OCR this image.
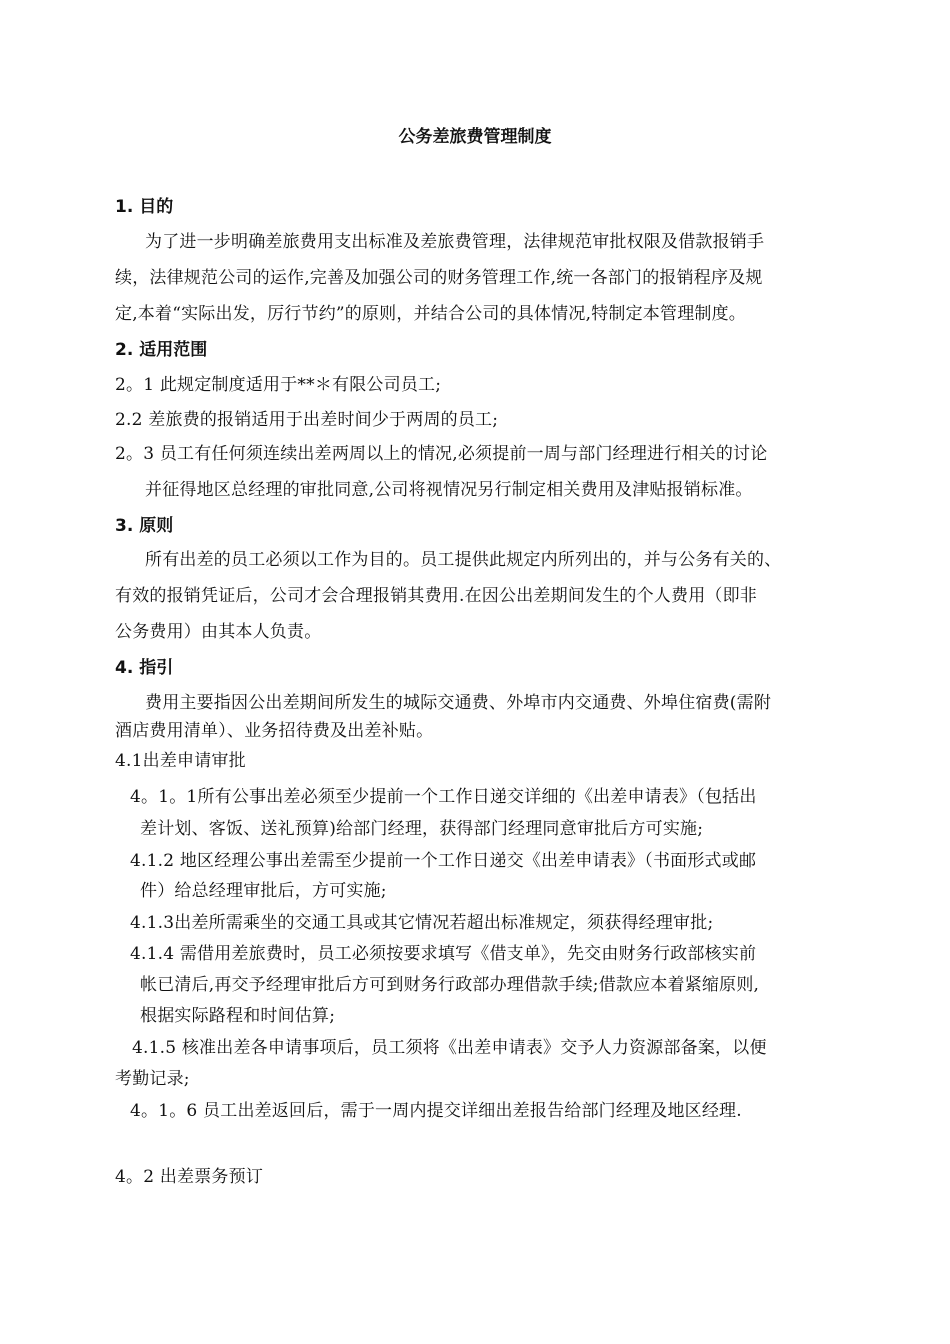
公务差旅费管理制度
1. 目的
为了进一步明确差旅费用支出标准及差旅费管理，法律规范审批权限及借款报销手
续，法律规范公司的运作,完善及加强公司的财务管理工作,统一各部门的报销程序及规
定,本着“实际出发，厉行节约”的原则，并结合公司的具体情况,特制定本管理制度。
2. 适用范围
2。1 此规定制度适用于**＊有限公司员工;
2.2 差旅费的报销适用于出差时间少于两周的员工;
2。3 员工有任何须连续出差两周以上的情况,必须提前一周与部门经理进行相关的讨论
并征得地区总经理的审批同意,公司将视情况另行制定相关费用及津贴报销标准。
3. 原则
所有出差的员工必须以工作为目的。员工提供此规定内所列出的，并与公务有关的、
有效的报销凭证后，公司才会合理报销其费用.在因公出差期间发生的个人费用（即非
公务费用）由其本人负责。
4. 指引
费用主要指因公出差期间所发生的城际交通费、外埠市内交通费、外埠住宿费(需附
酒店费用清单）、业务招待费及出差补贴。
4.1出差申请审批
4。1。1所有公事出差必须至少提前一个工作日递交详细的《出差申请表》（包括出
差计划、客饭、送礼预算)给部门经理，获得部门经理同意审批后方可实施;
4.1.2 地区经理公事出差需至少提前一个工作日递交《出差申请表》（书面形式或邮
件）给总经理审批后，方可实施;
4.1.3出差所需乘坐的交通工具或其它情况若超出标准规定，须获得经理审批;
4.1.4 需借用差旅费时，员工必须按要求填写《借支单》，先交由财务行政部核实前
帐已清后,再交予经理审批后方可到财务行政部办理借款手续;借款应本着紧缩原则,
根据实际路程和时间估算;
4.1.5 核准出差各申请事项后，员工须将《出差申请表》交予人力资源部备案，以便
考勤记录;
4。1。6 员工出差返回后，需于一周内提交详细出差报告给部门经理及地区经理.
4。2 出差票务预订
